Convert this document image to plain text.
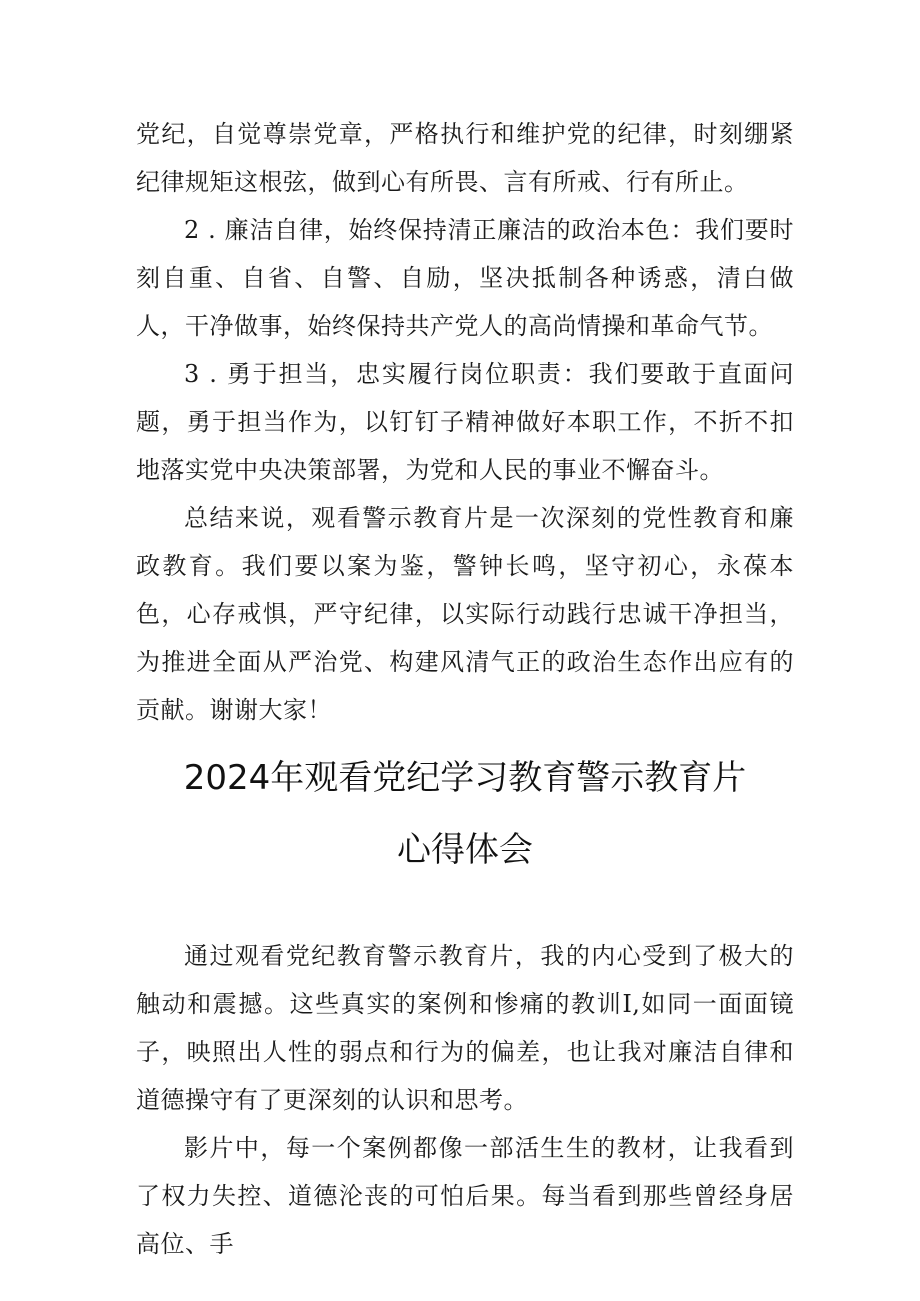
党纪，自觉尊崇党章，严格执行和维护党的纪律，时刻绷紧纪律规矩这根弦，做到心有所畏、言有所戒、行有所止。

2 . 廉洁自律，始终保持清正廉洁的政治本色：我们要时刻自重、自省、自警、自励，坚决抵制各种诱惑，清白做人，干净做事，始终保持共产党人的高尚情操和革命气节。

3 . 勇于担当，忠实履行岗位职责：我们要敢于直面问题，勇于担当作为，以钉钉子精神做好本职工作，不折不扣地落实党中央决策部署，为党和人民的事业不懈奋斗。

总结来说，观看警示教育片是一次深刻的党性教育和廉政教育。我们要以案为鉴，警钟长鸣，坚守初心，永葆本色，心存戒惧，严守纪律，以实际行动践行忠诚干净担当，为推进全面从严治党、构建风清气正的政治生态作出应有的贡献。谢谢大家！

2024年观看党纪学习教育警示教育片
心得体会

通过观看党纪教育警示教育片，我的内心受到了极大的触动和震撼。这些真实的案例和惨痛的教训I,如同一面面镜子，映照出人性的弱点和行为的偏差，也让我对廉洁自律和道德操守有了更深刻的认识和思考。

影片中，每一个案例都像一部活生生的教材，让我看到了权力失控、道德沦丧的可怕后果。每当看到那些曾经身居高位、手
